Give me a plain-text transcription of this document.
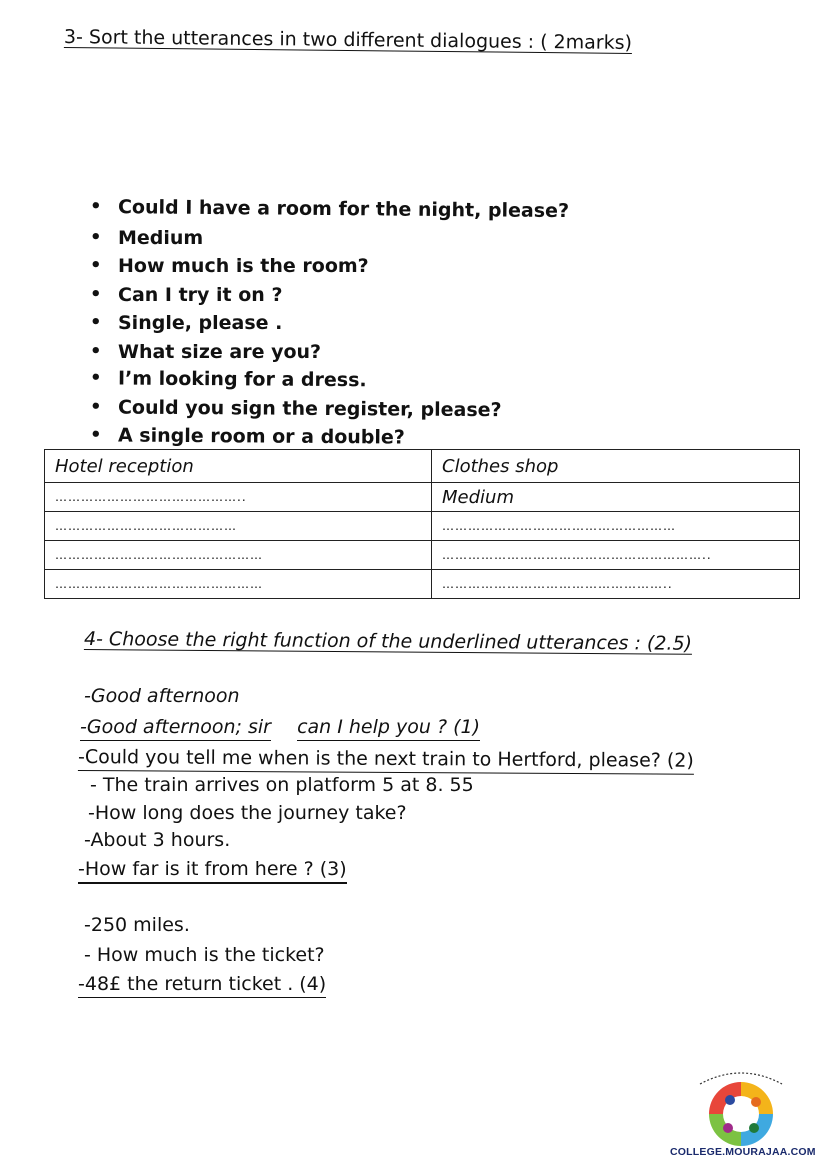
3- Sort the utterances in two different dialogues : ( 2marks)
• Could I have a room for the night, please?
• Medium
• How much is the room?
• Can I try it on ?
• Single, please .
• What size are you?
• I’m looking for a dress.
• Could you sign the register, please?
• A single room or a double?
Hotel reception	Clothes shop
……………………………………..	Medium
……………………………………	………………………………………………
…………………………………………	……………………………………………………..
…………………………………………	……………………………………………..
4- Choose the right function of the underlined utterances : (2.5)
-Good afternoon
-Good afternoon; sir can I help you ? (1)
-Could you tell me when is the next train to Hertford, please? (2)
- The train arrives on platform 5 at 8. 55
-How long does the journey take?
-About 3 hours.
-How far is it from here ? (3)
-250 miles.
- How much is the ticket?
-48£ the return ticket . (4)
COLLEGE.MOURAJAA.COM
